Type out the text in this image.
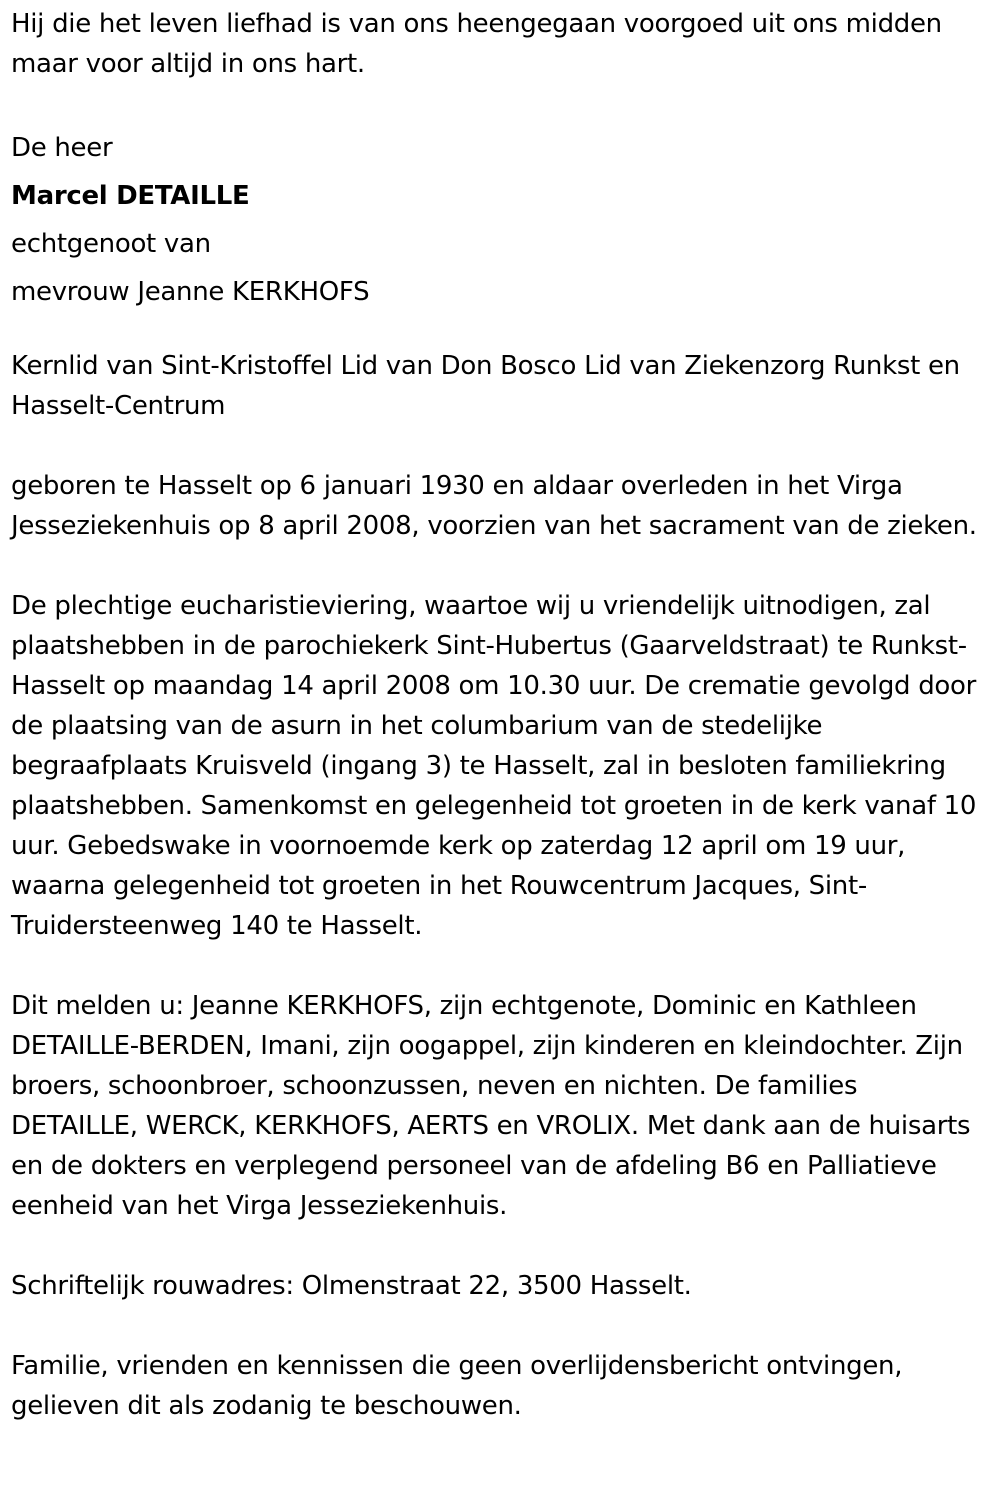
Hij die het leven liefhad is van ons heengegaan voorgoed uit ons midden maar voor altijd in ons hart.

De heer

Marcel DETAILLE

echtgenoot van

mevrouw Jeanne KERKHOFS

Kernlid van Sint-Kristoffel Lid van Don Bosco Lid van Ziekenzorg Runkst en Hasselt-Centrum

geboren te Hasselt op 6 januari 1930 en aldaar overleden in het Virga Jesseziekenhuis op 8 april 2008, voorzien van het sacrament van de zieken.

De plechtige eucharistieviering, waartoe wij u vriendelijk uitnodigen, zal plaatshebben in de parochiekerk Sint-Hubertus (Gaarveldstraat) te Runkst-Hasselt op maandag 14 april 2008 om 10.30 uur. De crematie gevolgd door de plaatsing van de asurn in het columbarium van de stedelijke begraafplaats Kruisveld (ingang 3) te Hasselt, zal in besloten familiekring plaatshebben. Samenkomst en gelegenheid tot groeten in de kerk vanaf 10 uur. Gebedswake in voornoemde kerk op zaterdag 12 april om 19 uur, waarna gelegenheid tot groeten in het Rouwcentrum Jacques, Sint-Truidersteenweg 140 te Hasselt.

Dit melden u: Jeanne KERKHOFS, zijn echtgenote, Dominic en Kathleen DETAILLE-BERDEN, Imani, zijn oogappel, zijn kinderen en kleindochter. Zijn broers, schoonbroer, schoonzussen, neven en nichten. De families DETAILLE, WERCK, KERKHOFS, AERTS en VROLIX. Met dank aan de huisarts en de dokters en verplegend personeel van de afdeling B6 en Palliatieve eenheid van het Virga Jesseziekenhuis.

Schriftelijk rouwadres: Olmenstraat 22, 3500 Hasselt.

Familie, vrienden en kennissen die geen overlijdensbericht ontvingen, gelieven dit als zodanig te beschouwen.
